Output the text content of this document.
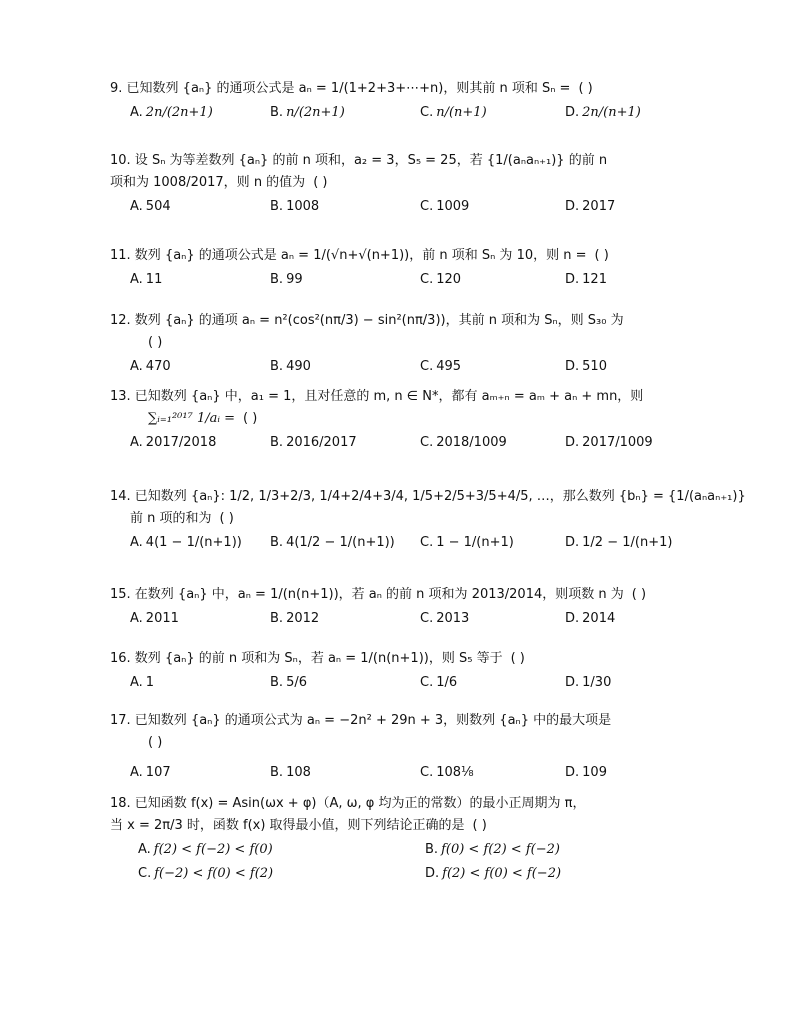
9. 已知数列 {aₙ} 的通项公式是 aₙ = 1/(1+2+3+⋯+n)，则其前 n 项和 Sₙ = ( )
A. 2n/(2n+1)	B. n/(2n+1)	C. n/(n+1)	D. 2n/(n+1)
10. 设 Sₙ 为等差数列 {aₙ} 的前 n 项和，a₂ = 3，S₅ = 25，若 {1/(aₙaₙ₊₁)} 的前 n
项和为 1008/2017，则 n 的值为 ( )
A. 504	B. 1008	C. 1009	D. 2017
11. 数列 {aₙ} 的通项公式是 aₙ = 1/(√n+√(n+1))，前 n 项和 Sₙ 为 10，则 n = ( )
A. 11	B. 99	C. 120	D. 121
12. 数列 {aₙ} 的通项 aₙ = n²(cos²(nπ/3) − sin²(nπ/3))，其前 n 项和为 Sₙ，则 S₃₀ 为
( )
A. 470	B. 490	C. 495	D. 510
13. 已知数列 {aₙ} 中，a₁ = 1，且对任意的 m, n ∈ N*，都有 aₘ₊ₙ = aₘ + aₙ + mn，则
∑ᵢ₌₁²⁰¹⁷ 1/aᵢ = ( )
A. 2017/2018	B. 2016/2017	C. 2018/1009	D. 2017/1009
14. 已知数列 {aₙ}: 1/2, 1/3+2/3, 1/4+2/4+3/4, 1/5+2/5+3/5+4/5, …，那么数列 {bₙ} = {1/(aₙaₙ₊₁)}
前 n 项的和为 ( )
A. 4(1 − 1/(n+1)) B. 4(1/2 − 1/(n+1)) C. 1 − 1/(n+1)	D. 1/2 − 1/(n+1)
15. 在数列 {aₙ} 中，aₙ = 1/(n(n+1))，若 aₙ 的前 n 项和为 2013/2014，则项数 n 为 ( )
A. 2011	B. 2012	C. 2013	D. 2014
16. 数列 {aₙ} 的前 n 项和为 Sₙ，若 aₙ = 1/(n(n+1))，则 S₅ 等于 ( )
A. 1	B. 5/6	C. 1/6	D. 1/30
17. 已知数列 {aₙ} 的通项公式为 aₙ = −2n² + 29n + 3，则数列 {aₙ} 中的最大项是
( )
A. 107	B. 108	C. 108⅛	D. 109
18. 已知函数 f(x) = Asin(ωx + φ)（A, ω, φ 均为正的常数）的最小正周期为 π，
当 x = 2π/3 时，函数 f(x) 取得最小值，则下列结论正确的是 ( )
A. f(2) < f(−2) < f(0)	B. f(0) < f(2) < f(−2)
C. f(−2) < f(0) < f(2)	D. f(2) < f(0) < f(−2)
